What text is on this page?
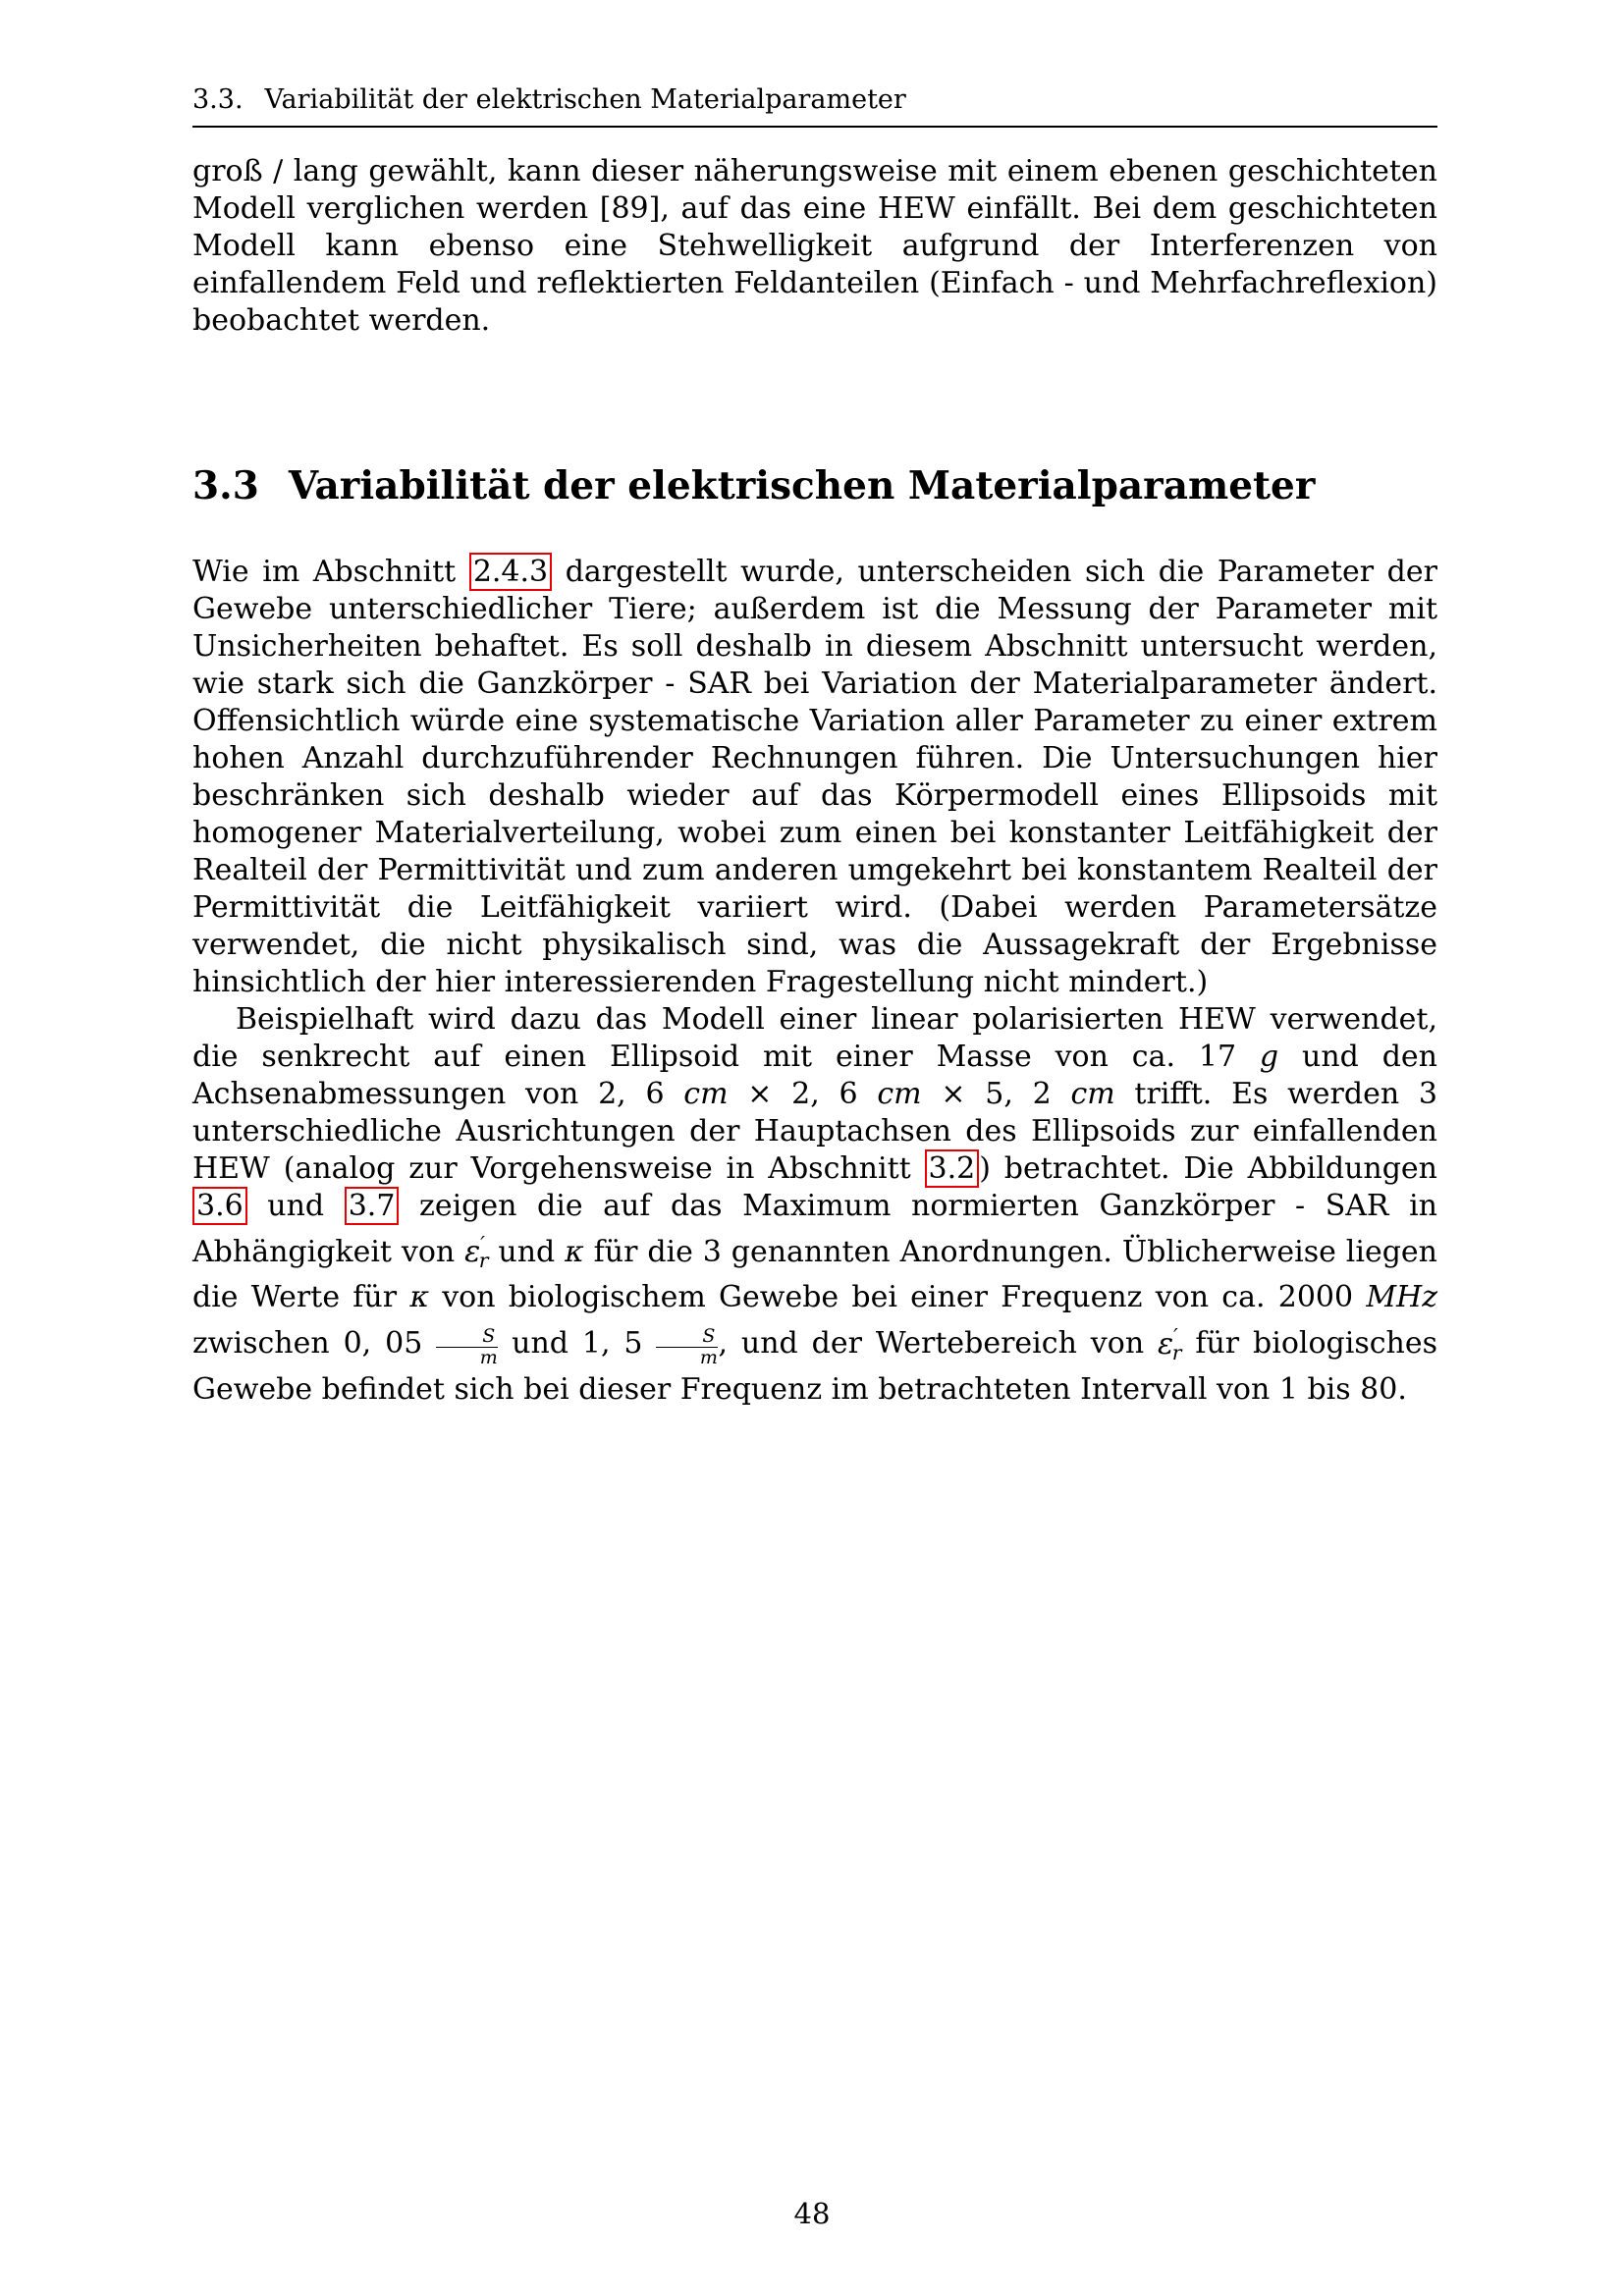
3.3. Variabilität der elektrischen Materialparameter

groß / lang gewählt, kann dieser näherungsweise mit einem ebenen geschichteten Modell verglichen werden [89], auf das eine HEW einfällt. Bei dem geschichteten Modell kann ebenso eine Stehwelligkeit aufgrund der Interferenzen von einfallendem Feld und reflektierten Feldanteilen (Einfach - und Mehrfachreflexion) beobachtet werden.

3.3 Variabilität der elektrischen Materialparameter

Wie im Abschnitt 2.4.3 dargestellt wurde, unterscheiden sich die Parameter der Gewebe unterschiedlicher Tiere; außerdem ist die Messung der Parameter mit Unsicherheiten behaftet. Es soll deshalb in diesem Abschnitt untersucht werden, wie stark sich die Ganzkörper - SAR bei Variation der Materialparameter ändert. Offensichtlich würde eine systematische Variation aller Parameter zu einer extrem hohen Anzahl durchzuführender Rechnungen führen. Die Untersuchungen hier beschränken sich deshalb wieder auf das Körpermodell eines Ellipsoids mit homogener Materialverteilung, wobei zum einen bei konstanter Leitfähigkeit der Realteil der Permittivität und zum anderen umgekehrt bei konstantem Realteil der Permittivität die Leitfähigkeit variiert wird. (Dabei werden Parametersätze verwendet, die nicht physikalisch sind, was die Aussagekraft der Ergebnisse hinsichtlich der hier interessierenden Fragestellung nicht mindert.)

Beispielhaft wird dazu das Modell einer linear polarisierten HEW verwendet, die senkrecht auf einen Ellipsoid mit einer Masse von ca. 17 g und den Achsenabmessungen von 2, 6 cm × 2, 6 cm × 5, 2 cm trifft. Es werden 3 unterschiedliche Ausrichtungen der Hauptachsen des Ellipsoids zur einfallenden HEW (analog zur Vorgehensweise in Abschnitt 3.2 ) betrachtet. Die Abbildungen 3.6 und 3.7 zeigen die auf das Maximum normierten Ganzkörper - SAR in Abhängigkeit von $\varepsilon'_r$ und κ für die 3 genannten Anordnungen. Üblicherweise liegen die Werte für κ von biologischem Gewebe bei einer Frequenz von ca. 2000 MHz zwischen 0, $05 \frac{S}{m}$ und 1, $5 \frac{S}{m}$ , und der Wertebereich von $\varepsilon'_r$ für biologisches Gewebe befindet sich bei dieser Frequenz im betrachteten Intervall von 1 bis 80.

48
